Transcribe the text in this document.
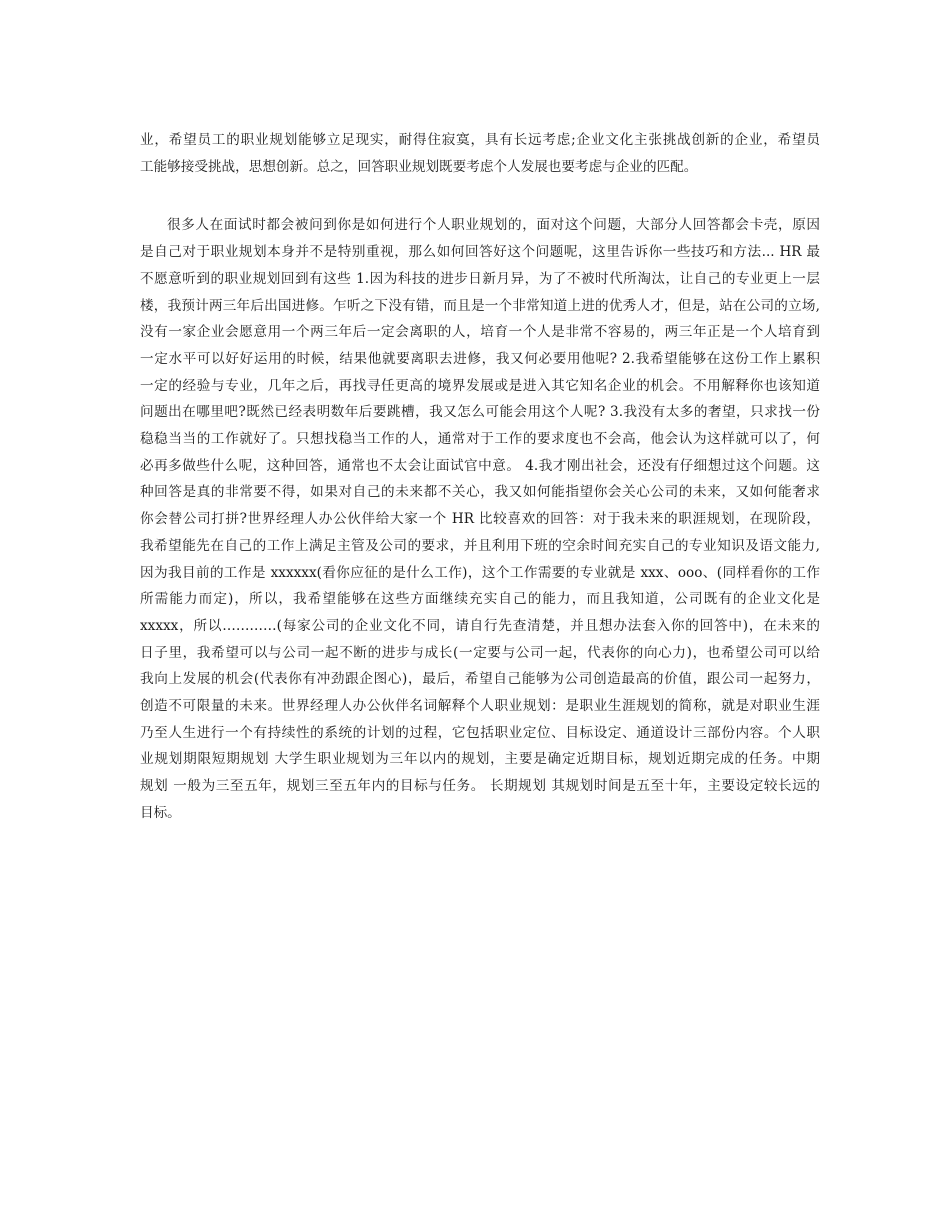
业，希望员工的职业规划能够立足现实，耐得住寂寞，具有长远考虑;企业文化主张挑战创新的企业，希望员
工能够接受挑战，思想创新。总之，回答职业规划既要考虑个人发展也要考虑与企业的匹配。
很多人在面试时都会被问到你是如何进行个人职业规划的，面对这个问题，大部分人回答都会卡壳，原因
是自己对于职业规划本身并不是特别重视，那么如何回答好这个问题呢，这里告诉你一些技巧和方法... HR 最
不愿意听到的职业规划回到有这些 1.因为科技的进步日新月异，为了不被时代所淘汰，让自己的专业更上一层
楼，我预计两三年后出国进修。乍听之下没有错，而且是一个非常知道上进的优秀人才，但是，站在公司的立场,
没有一家企业会愿意用一个两三年后一定会离职的人，培育一个人是非常不容易的，两三年正是一个人培育到
一定水平可以好好运用的时候，结果他就要离职去进修，我又何必要用他呢? 2.我希望能够在这份工作上累积
一定的经验与专业，几年之后，再找寻任更高的境界发展或是进入其它知名企业的机会。不用解释你也该知道
问题出在哪里吧?既然已经表明数年后要跳槽，我又怎么可能会用这个人呢? 3.我没有太多的奢望，只求找一份
稳稳当当的工作就好了。只想找稳当工作的人，通常对于工作的要求度也不会高，他会认为这样就可以了，何
必再多做些什么呢，这种回答，通常也不太会让面试官中意。 4.我才刚出社会，还没有仔细想过这个问题。这
种回答是真的非常要不得，如果对自己的未来都不关心，我又如何能指望你会关心公司的未来，又如何能奢求
你会替公司打拼?世界经理人办公伙伴给大家一个 HR 比较喜欢的回答：对于我未来的职涯规划，在现阶段，
我希望能先在自己的工作上满足主管及公司的要求，并且利用下班的空余时间充实自己的专业知识及语文能力,
因为我目前的工作是 xxxxxx(看你应征的是什么工作)，这个工作需要的专业就是 xxx、ooo、(同样看你的工作
所需能力而定)，所以，我希望能够在这些方面继续充实自己的能力，而且我知道，公司既有的企业文化是
xxxxx，所以…………(每家公司的企业文化不同，请自行先查清楚，并且想办法套入你的回答中)，在未来的
日子里，我希望可以与公司一起不断的进步与成长(一定要与公司一起，代表你的向心力)，也希望公司可以给
我向上发展的机会(代表你有冲劲跟企图心)，最后，希望自己能够为公司创造最高的价值，跟公司一起努力，
创造不可限量的未来。世界经理人办公伙伴名词解释个人职业规划：是职业生涯规划的简称，就是对职业生涯
乃至人生进行一个有持续性的系统的计划的过程，它包括职业定位、目标设定、通道设计三部份内容。个人职
业规划期限短期规划 大学生职业规划为三年以内的规划，主要是确定近期目标，规划近期完成的任务。中期
规划 一般为三至五年，规划三至五年内的目标与任务。 长期规划 其规划时间是五至十年，主要设定较长远的
目标。
